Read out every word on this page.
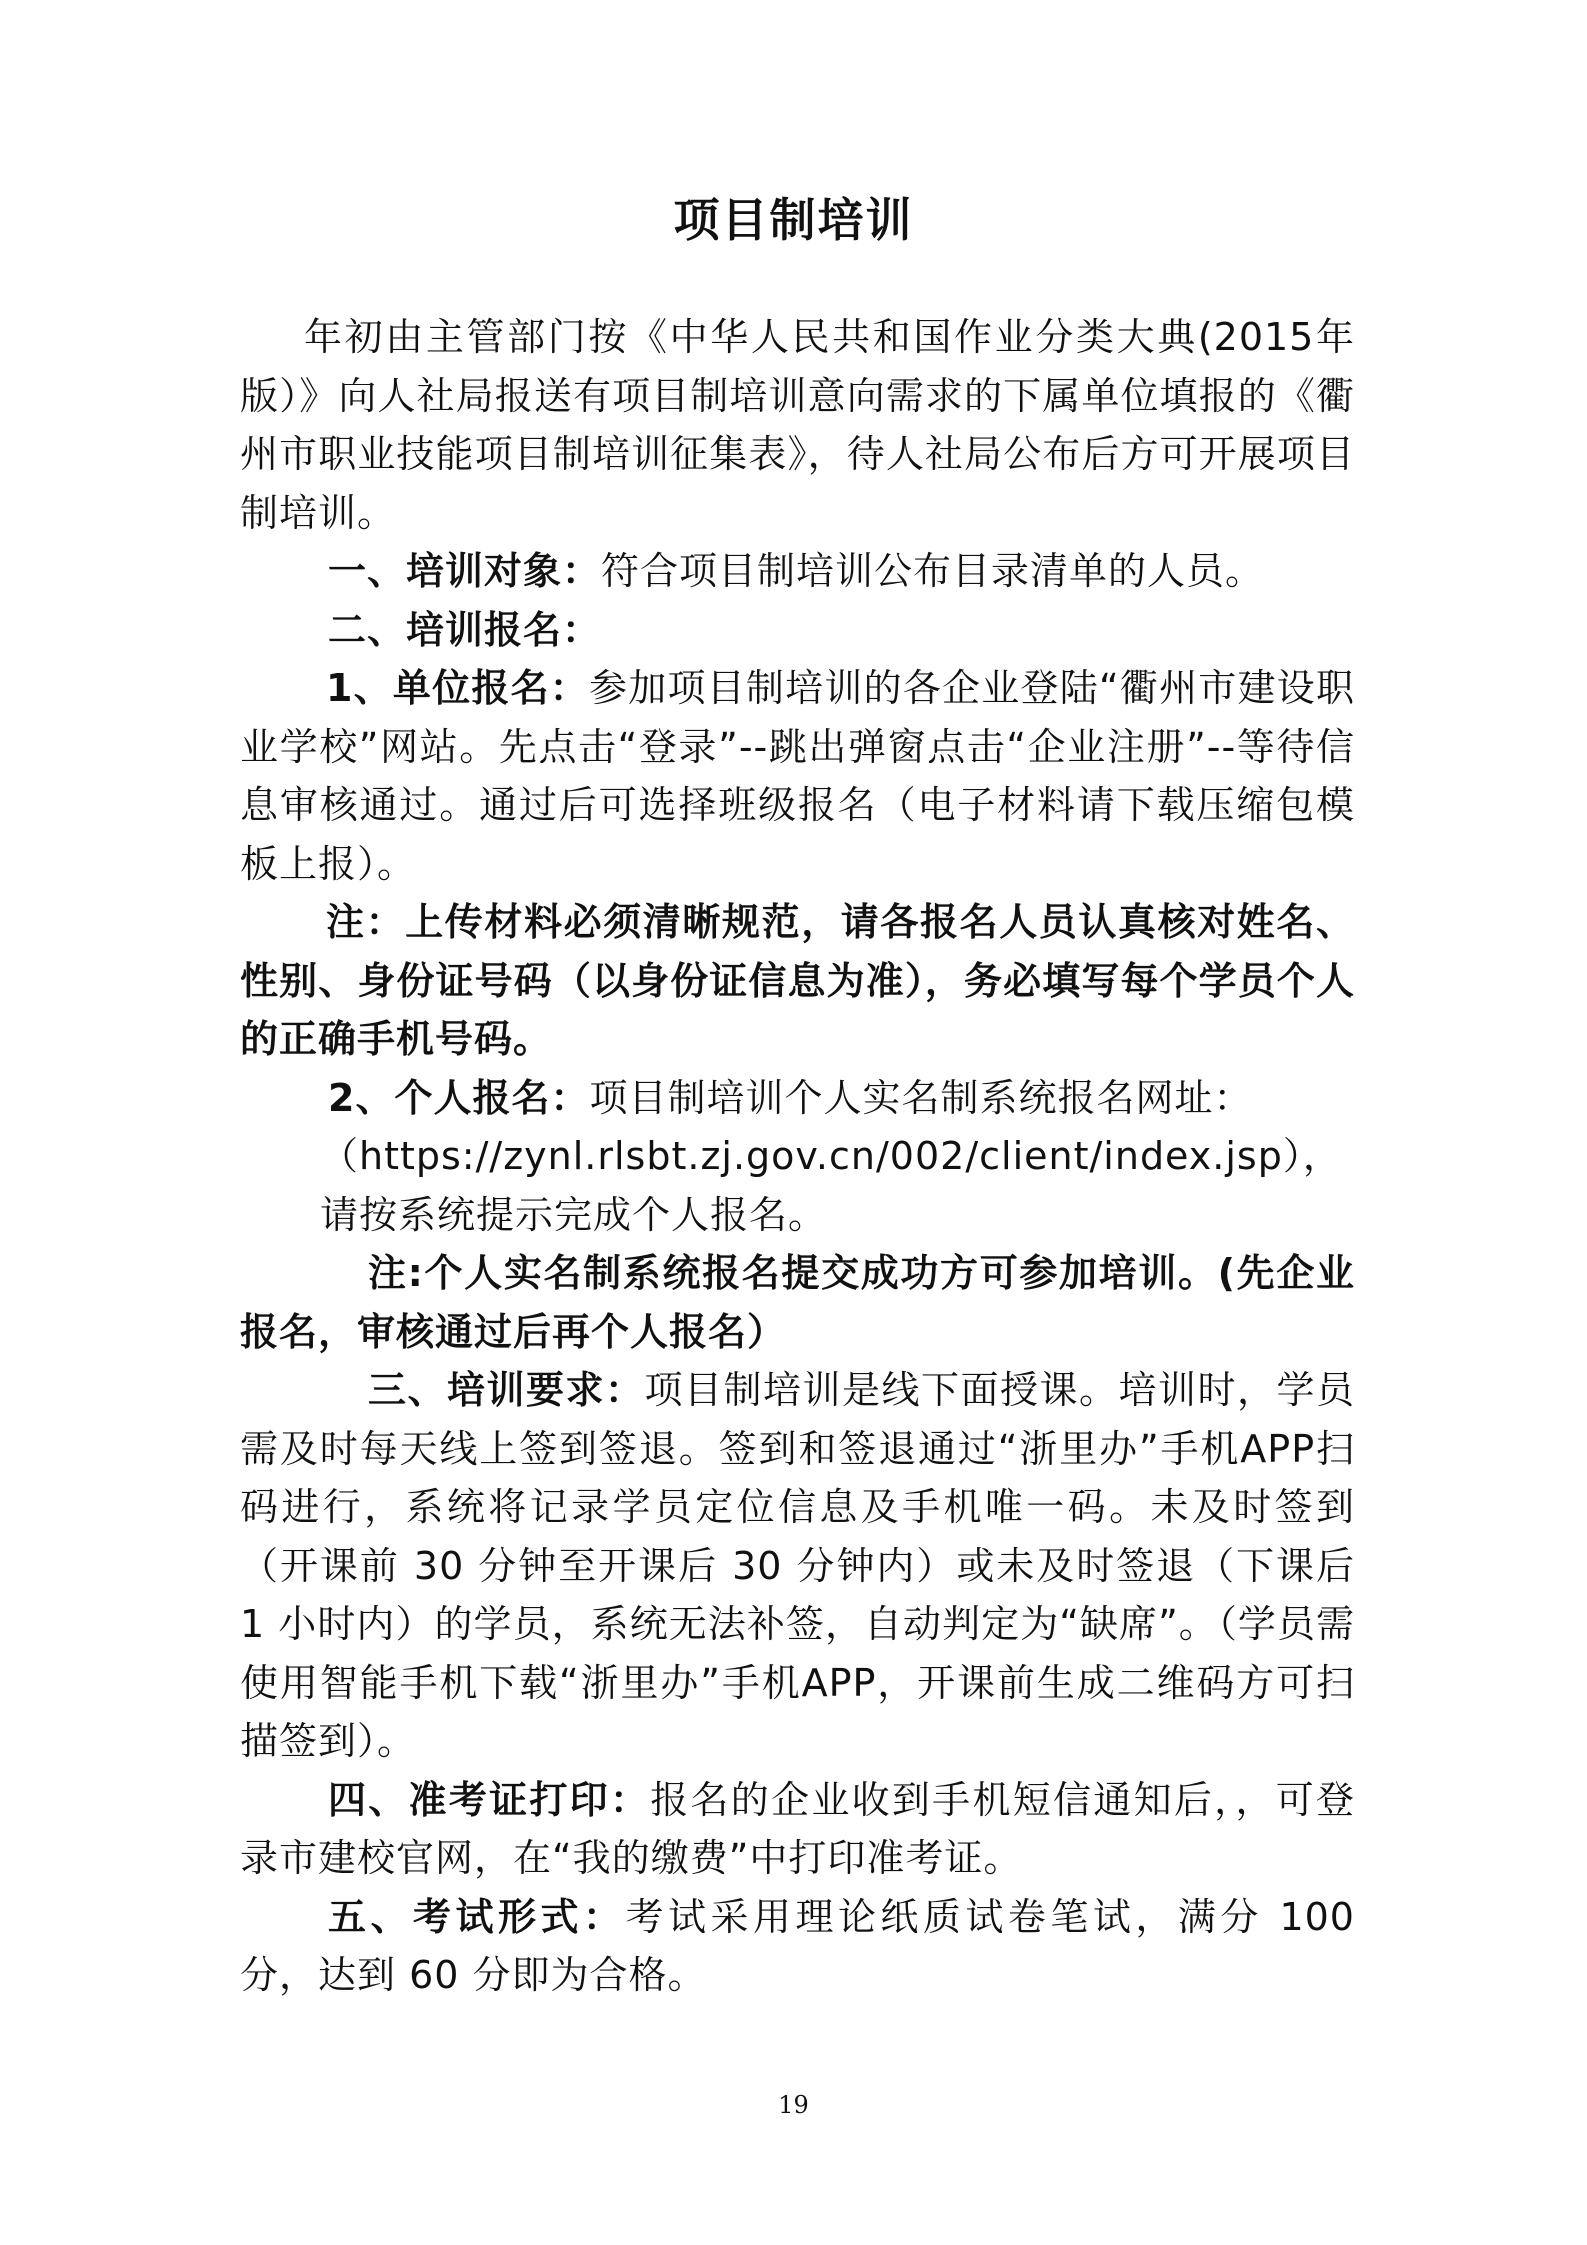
项目制培训

年初由主管部门按《中华人民共和国作业分类大典(2015年版）》向人社局报送有项目制培训意向需求的下属单位填报的《衢州市职业技能项目制培训征集表》，待人社局公布后方可开展项目制培训。

一、培训对象：符合项目制培训公布目录清单的人员。

二、培训报名：

1、单位报名：参加项目制培训的各企业登陆“衢州市建设职业学校”网站。先点击“登录”--跳出弹窗点击“企业注册”--等待信息审核通过。通过后可选择班级报名（电子材料请下载压缩包模板上报）。

注：上传材料必须清晰规范，请各报名人员认真核对姓名、性别、身份证号码（以身份证信息为准），务必填写每个学员个人的正确手机号码。

2、个人报名：项目制培训个人实名制系统报名网址：

（https://zynl.rlsbt.zj.gov.cn/002/client/index.jsp），

请按系统提示完成个人报名。

注:个人实名制系统报名提交成功方可参加培训。(先企业报名，审核通过后再个人报名）

三、培训要求：项目制培训是线下面授课。培训时，学员需及时每天线上签到签退。签到和签退通过“浙里办”手机APP扫码进行，系统将记录学员定位信息及手机唯一码。未及时签到（开课前 30 分钟至开课后 30 分钟内）或未及时签退（下课后 1 小时内）的学员，系统无法补签，自动判定为“缺席”。（学员需使用智能手机下载“浙里办”手机APP，开课前生成二维码方可扫描签到）。

四、准考证打印：报名的企业收到手机短信通知后，，可登录市建校官网，在“我的缴费”中打印准考证。

五、考试形式：考试采用理论纸质试卷笔试，满分 100 分，达到 60 分即为合格。

19
